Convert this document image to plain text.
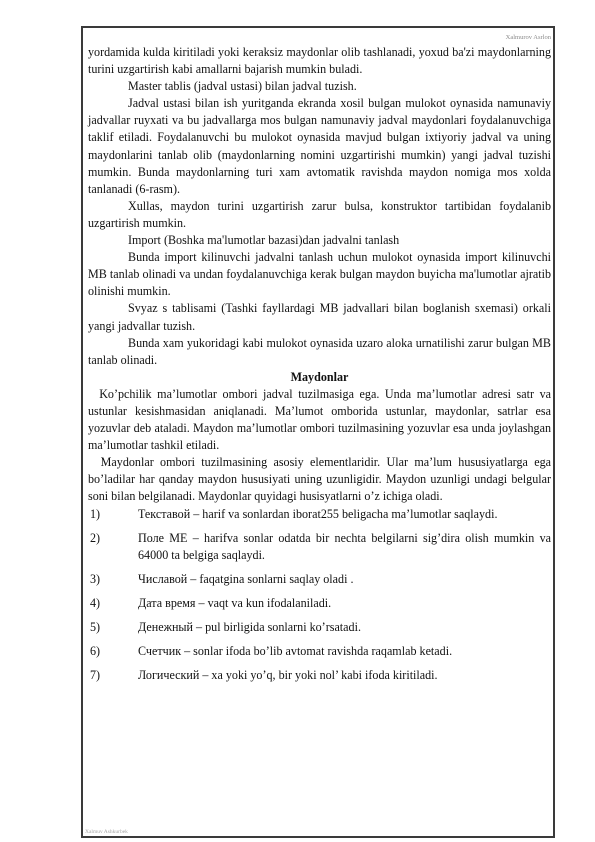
Xalmurov Asrlon

yordamida kulda kiritiladi yoki keraksiz maydonlar olib tashlanadi, yoxud ba'zi maydonlarning turini uzgartirish kabi amallarni bajarish mumkin buladi.

Master tablis (jadval ustasi) bilan jadval tuzish.

Jadval ustasi bilan ish yuritganda ekranda xosil bulgan mulokot oynasida namunaviy jadvallar ruyxati va bu jadvallarga mos bulgan namunaviy jadval maydonlari foydalanuvchiga taklif etiladi. Foydalanuvchi bu mulokot oynasida mavjud bulgan ixtiyoriy jadval va uning maydonlarini tanlab olib (maydonlarning nomini uzgartirishi mumkin) yangi jadval tuzishi mumkin. Bunda maydonlarning turi xam avtomatik ravishda maydon nomiga mos xolda tanlanadi (6-rasm).

Xullas, maydon turini uzgartirish zarur bulsa, konstruktor tartibidan foydalanib uzgartirish mumkin.

Import (Boshka ma'lumotlar bazasi)dan jadvalni tanlash

Bunda import kilinuvchi jadvalni tanlash uchun mulokot oynasida import kilinuvchi MB tanlab olinadi va undan foydalanuvchiga kerak bulgan maydon buyicha ma'lumotlar ajratib olinishi mumkin.

Svyaz s tablisami (Tashki fayllardagi MB jadvallari bilan boglanish sxemasi) orkali yangi jadvallar tuzish.

Bunda xam yukoridagi kabi mulokot oynasida uzaro aloka urnatilishi zarur bulgan MB tanlab olinadi.

Maydonlar

Ko’pchilik ma’lumotlar ombori jadval tuzilmasiga ega. Unda ma’lumotlar adresi satr va ustunlar kesishmasidan aniqlanadi. Ma’lumot omborida ustunlar, maydonlar, satrlar esa yozuvlar deb ataladi. Maydon ma’lumotlar ombori tuzilmasining yozuvlar esa unda joylashgan ma’lumotlar tashkil etiladi.

Maydonlar ombori tuzilmasining asosiy elementlaridir. Ular ma’lum hususiyatlarga ega bo’ladilar har qanday maydon hususiyati uning uzunligidir. Maydon uzunligi undagi belgular soni bilan belgilanadi. Maydonlar quyidagi husisyatlarni o’z ichiga oladi.

1)	Текставой – harif va sonlardan iborat255 beligacha ma’lumotlar saqlaydi.
2)	Поле ME – harifva sonlar odatda bir nechta belgilarni sig’dira olish mumkin va 64000 ta belgiga saqlaydi.
3)	Числавой – faqatgina sonlarni saqlay oladi .
4)	Дата время – vaqt va kun ifodalaniladi.
5)	Денежный – pul birligida sonlarni ko’rsatadi.
6)	Счетчик – sonlar ifoda bo’lib avtomat ravishda raqamlab ketadi.
7)	Логический – xa yoki yo’q, bir yoki nol’ kabi ifoda kiritiladi.
Xalmuv Ashkurbek
